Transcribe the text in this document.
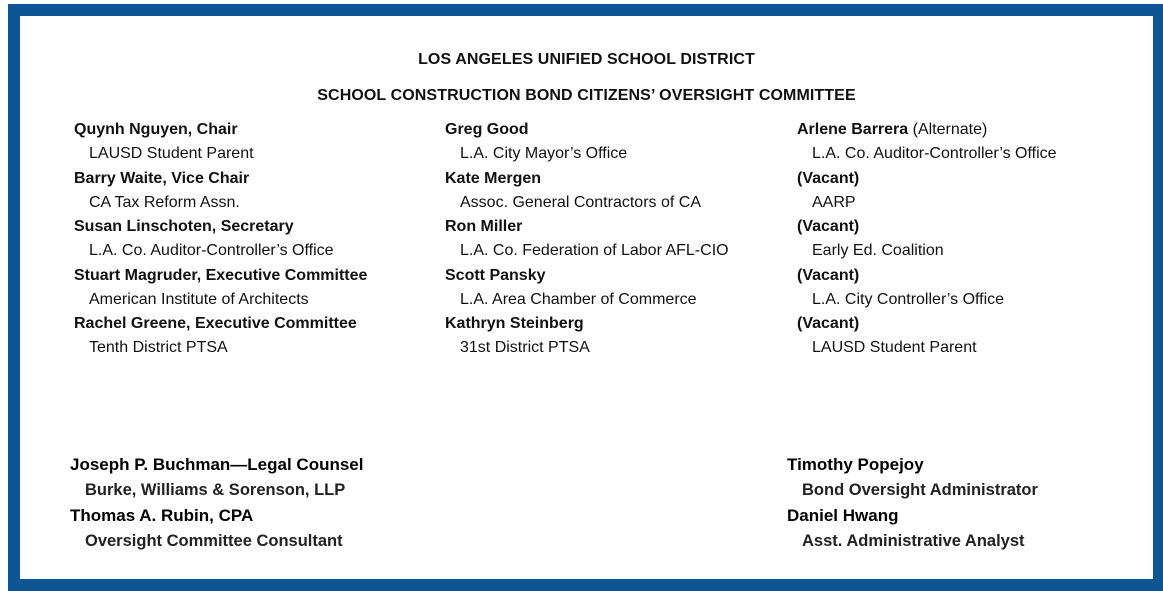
LOS ANGELES UNIFIED SCHOOL DISTRICT
SCHOOL CONSTRUCTION BOND CITIZENS’ OVERSIGHT COMMITTEE
Quynh Nguyen, Chair
LAUSD Student Parent
Barry Waite, Vice Chair
CA Tax Reform Assn.
Susan Linschoten, Secretary
L.A. Co. Auditor-Controller’s Office
Stuart Magruder, Executive Committee
American Institute of Architects
Rachel Greene, Executive Committee
Tenth District PTSA
Greg Good
L.A. City Mayor’s Office
Kate Mergen
Assoc. General Contractors of CA
Ron Miller
L.A. Co. Federation of Labor AFL-CIO
Scott Pansky
L.A. Area Chamber of Commerce
Kathryn Steinberg
31st District PTSA
Arlene Barrera (Alternate)
L.A. Co. Auditor-Controller’s Office
(Vacant)
AARP
(Vacant)
Early Ed. Coalition
(Vacant)
L.A. City Controller’s Office
(Vacant)
LAUSD Student Parent
Joseph P. Buchman—Legal Counsel
Burke, Williams & Sorenson, LLP
Thomas A. Rubin, CPA
Oversight Committee Consultant
Timothy Popejoy
Bond Oversight Administrator
Daniel Hwang
Asst. Administrative Analyst
